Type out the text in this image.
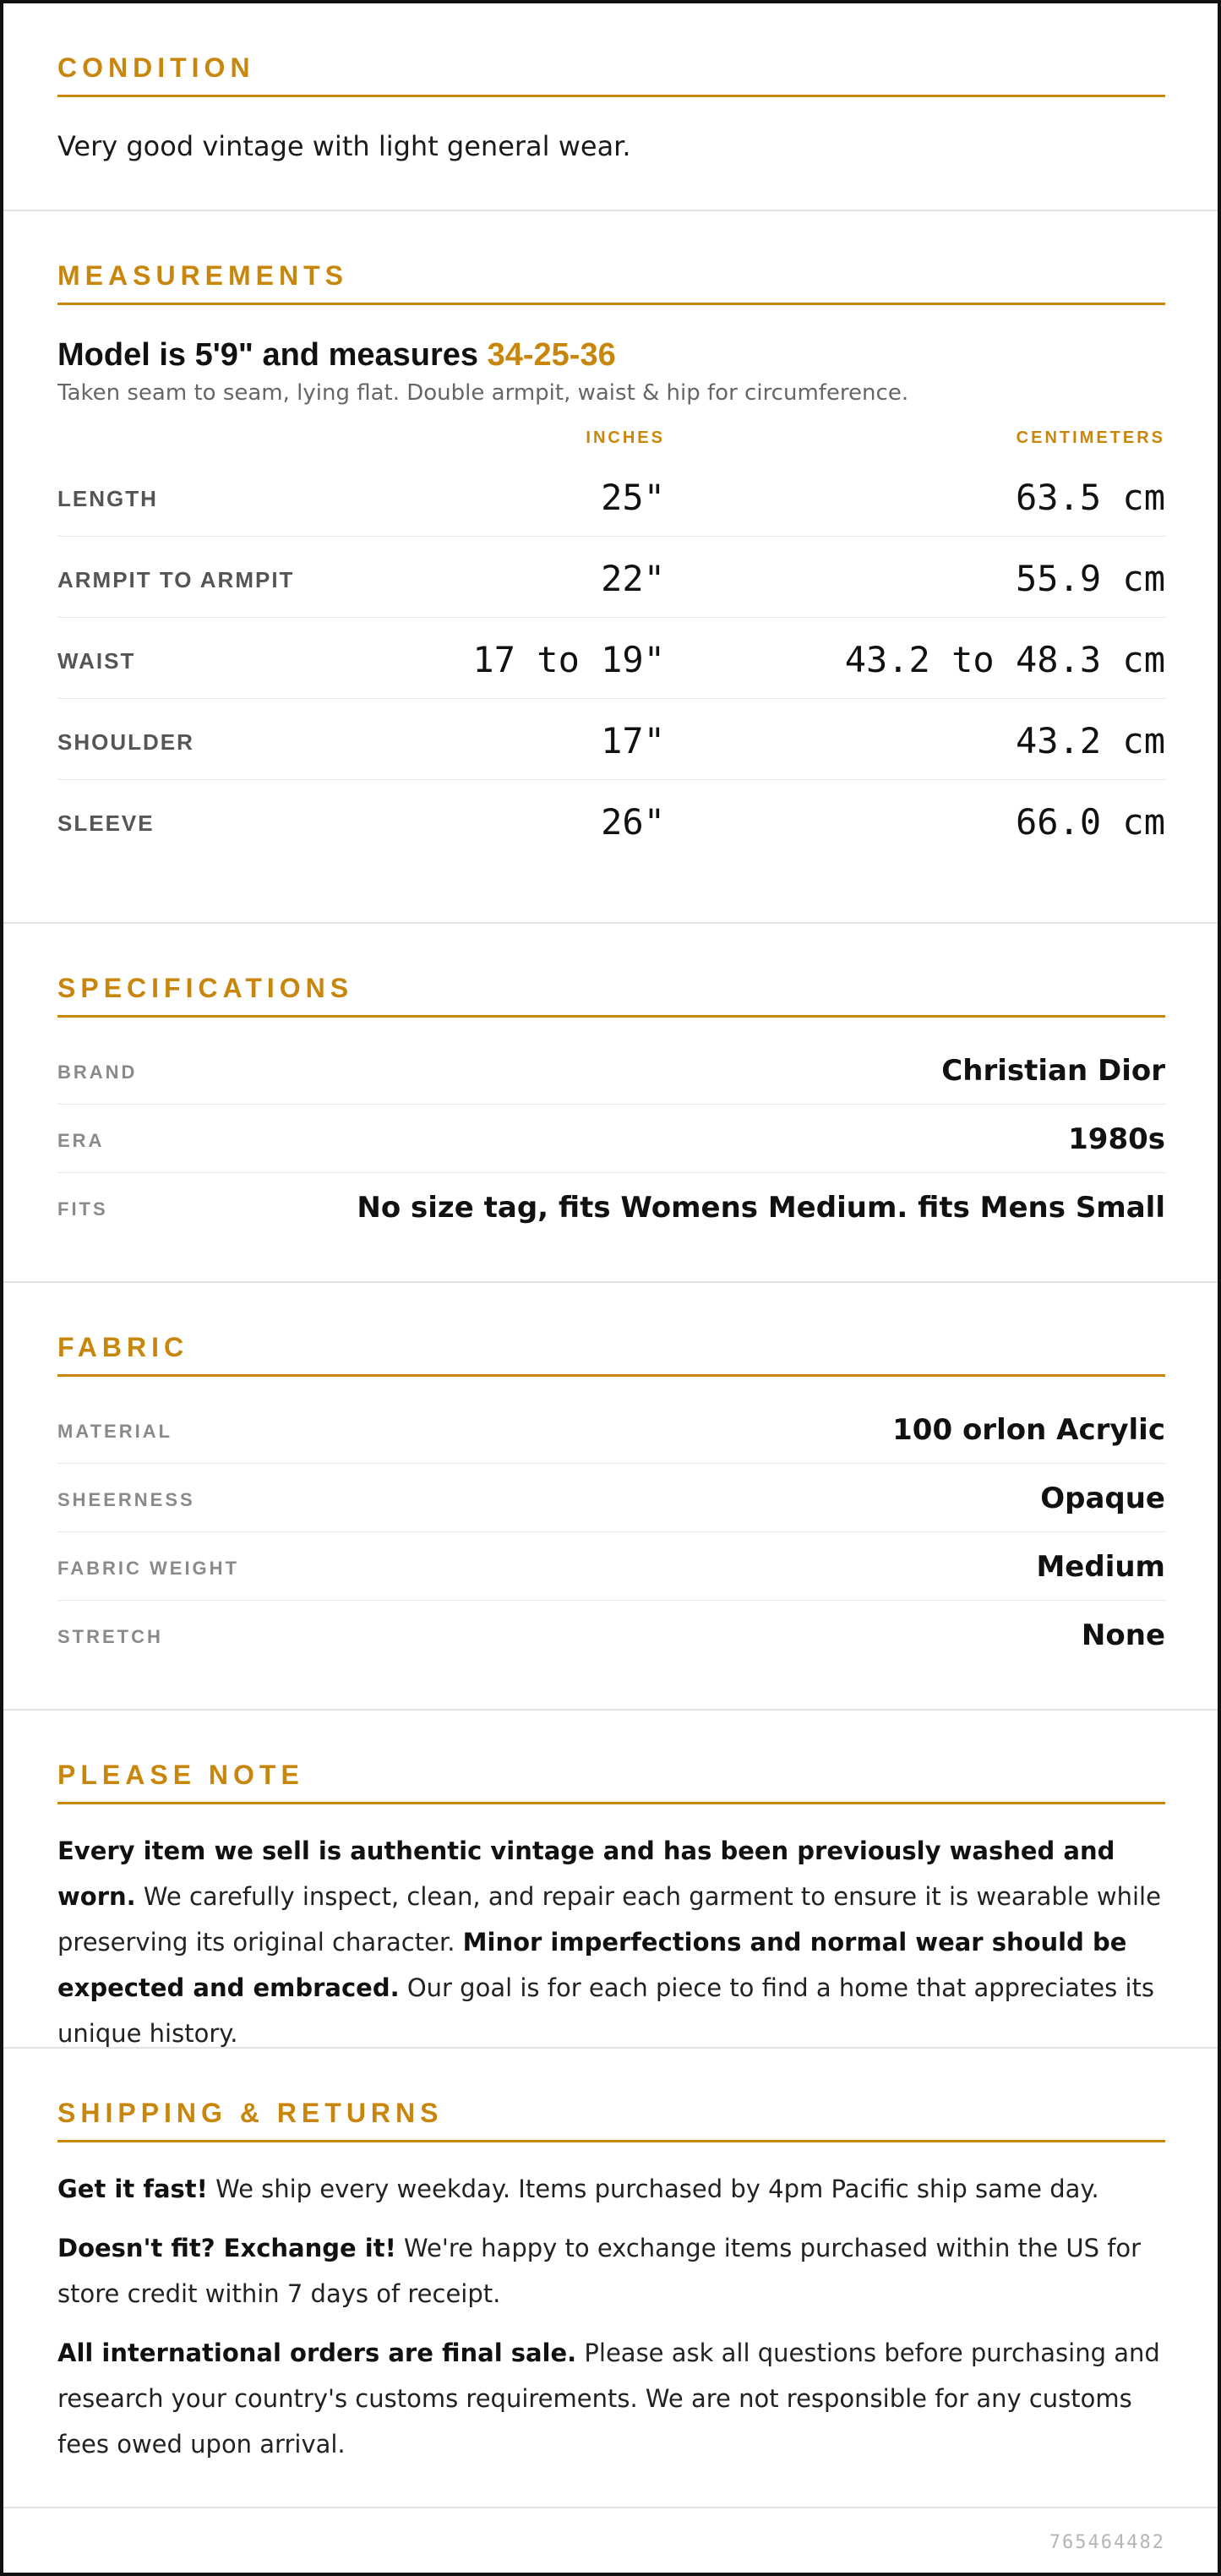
CONDITION

Very good vintage with light general wear.

MEASUREMENTS
Model is 5'9" and measures 34-25-36

Taken seam to seam, lying flat. Double armpit, waist & hip for circumference.

INCHES	CENTIMETERS
LENGTH	25"	63.5 cm
ARMPIT TO ARMPIT	22"	55.9 cm
WAIST	17 to 19"	43.2 to 48.3 cm
SHOULDER	17"	43.2 cm
SLEEVE	26"	66.0 cm
SPECIFICATIONS
BRAND	Christian Dior
ERA	1980s
FITS	No size tag, fits Womens Medium. fits Mens Small
FABRIC
MATERIAL	100 orlon Acrylic
SHEERNESS	Opaque
FABRIC WEIGHT	Medium
STRETCH	None
PLEASE NOTE

Every item we sell is authentic vintage and has been previously washed and worn. We carefully inspect, clean, and repair each garment to ensure it is wearable while preserving its original character. Minor imperfections and normal wear should be expected and embraced. Our goal is for each piece to find a home that appreciates its unique history.

SHIPPING & RETURNS

Get it fast! We ship every weekday. Items purchased by 4pm Pacific ship same day.

Doesn't fit? Exchange it! We're happy to exchange items purchased within the US for store credit within 7 days of receipt.

All international orders are final sale. Please ask all questions before purchasing and research your country's customs requirements. We are not responsible for any customs fees owed upon arrival.

765464482
